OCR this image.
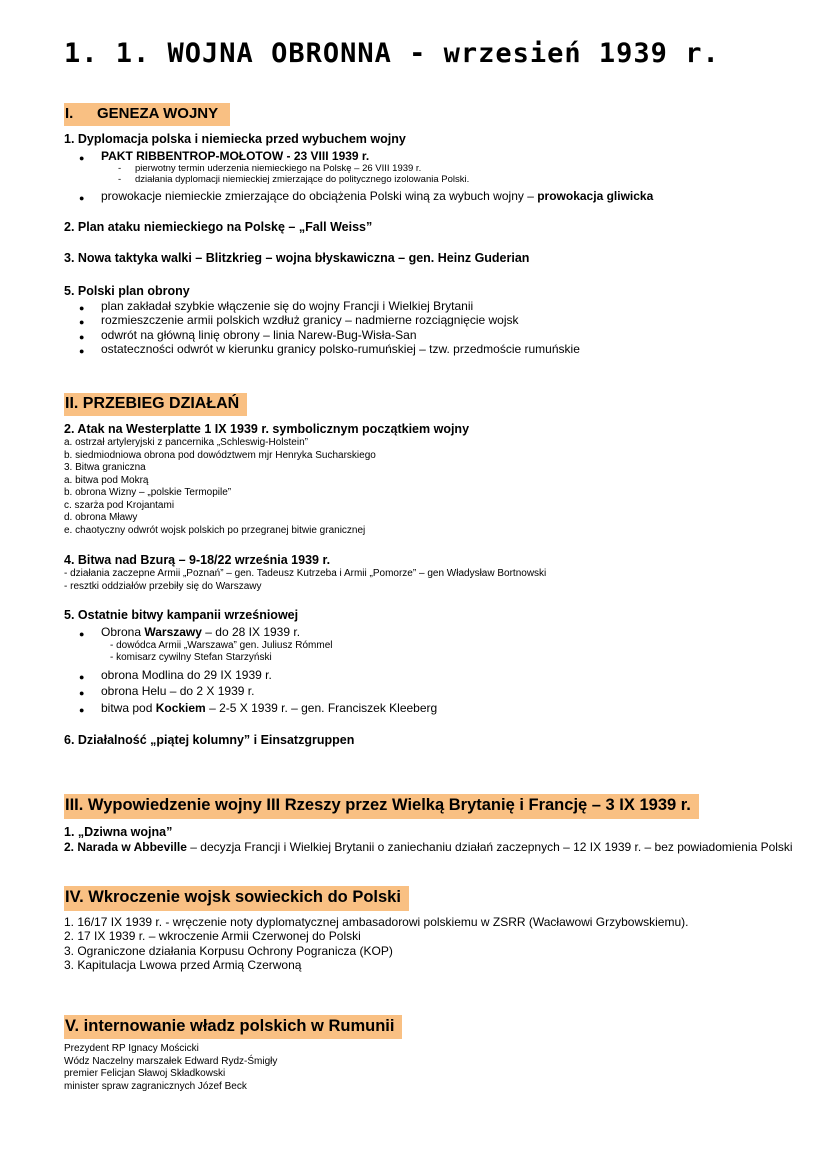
1. 1. WOJNA OBRONNA - wrzesień 1939 r.
I. GENEZA WOJNY
1. Dyplomacja polska i niemiecka przed wybuchem wojny
● PAKT RIBBENTROP-MOŁOTOW - 23 VIII 1939 r.
- pierwotny termin uderzenia niemieckiego na Polskę – 26 VIII 1939 r.
- działania dyplomacji niemieckiej zmierzające do politycznego izolowania Polski.
● prowokacje niemieckie zmierzające do obciążenia Polski winą za wybuch wojny – prowokacja gliwicka
2. Plan ataku niemieckiego na Polskę – „Fall Weiss”
3. Nowa taktyka walki – Blitzkrieg – wojna błyskawiczna – gen. Heinz Guderian
5. Polski plan obrony
● plan zakładał szybkie włączenie się do wojny Francji i Wielkiej Brytanii
● rozmieszczenie armii polskich wzdłuż granicy – nadmierne rozciągnięcie wojsk
● odwrót na główną linię obrony – linia Narew-Bug-Wisła-San
● ostateczności odwrót w kierunku granicy polsko-rumuńskiej – tzw. przedmoście rumuńskie
II. PRZEBIEG DZIAŁAŃ
2. Atak na Westerplatte 1 IX 1939 r. symbolicznym początkiem wojny
a. ostrzał artyleryjski z pancernika „Schleswig-Holstein”
b. siedmiodniowa obrona pod dowództwem mjr Henryka Sucharskiego
3. Bitwa graniczna
a. bitwa pod Mokrą
b. obrona Wizny – „polskie Termopile”
c. szarża pod Krojantami
d. obrona Mławy
e. chaotyczny odwrót wojsk polskich po przegranej bitwie granicznej
4. Bitwa nad Bzurą – 9-18/22 września 1939 r.
- działania zaczepne Armii „Poznań” – gen. Tadeusz Kutrzeba i Armii „Pomorze” – gen Władysław Bortnowski
- resztki oddziałów przebiły się do Warszawy
5. Ostatnie bitwy kampanii wrześniowej
● Obrona Warszawy – do 28 IX 1939 r.
- dowódca Armii „Warszawa” gen. Juliusz Rómmel
- komisarz cywilny Stefan Starzyński
● obrona Modlina do 29 IX 1939 r.
● obrona Helu – do 2 X 1939 r.
● bitwa pod Kockiem – 2-5 X 1939 r. – gen. Franciszek Kleeberg
6. Działalność „piątej kolumny” i Einsatzgruppen
III. Wypowiedzenie wojny III Rzeszy przez Wielką Brytanię i Francję – 3 IX 1939 r.
1. „Dziwna wojna”
2. Narada w Abbeville – decyzja Francji i Wielkiej Brytanii o zaniechaniu działań zaczepnych – 12 IX 1939 r. – bez powiadomienia Polski
IV. Wkroczenie wojsk sowieckich do Polski
1. 16/17 IX 1939 r. - wręczenie noty dyplomatycznej ambasadorowi polskiemu w ZSRR (Wacławowi Grzybowskiemu).
2. 17 IX 1939 r. – wkroczenie Armii Czerwonej do Polski
3. Ograniczone działania Korpusu Ochrony Pogranicza (KOP)
3. Kapitulacja Lwowa przed Armią Czerwoną
V. internowanie władz polskich w Rumunii
Prezydent RP Ignacy Mościcki
Wódz Naczelny marszałek Edward Rydz-Śmigły
premier Felicjan Sławoj Składkowski
minister spraw zagranicznych Józef Beck
